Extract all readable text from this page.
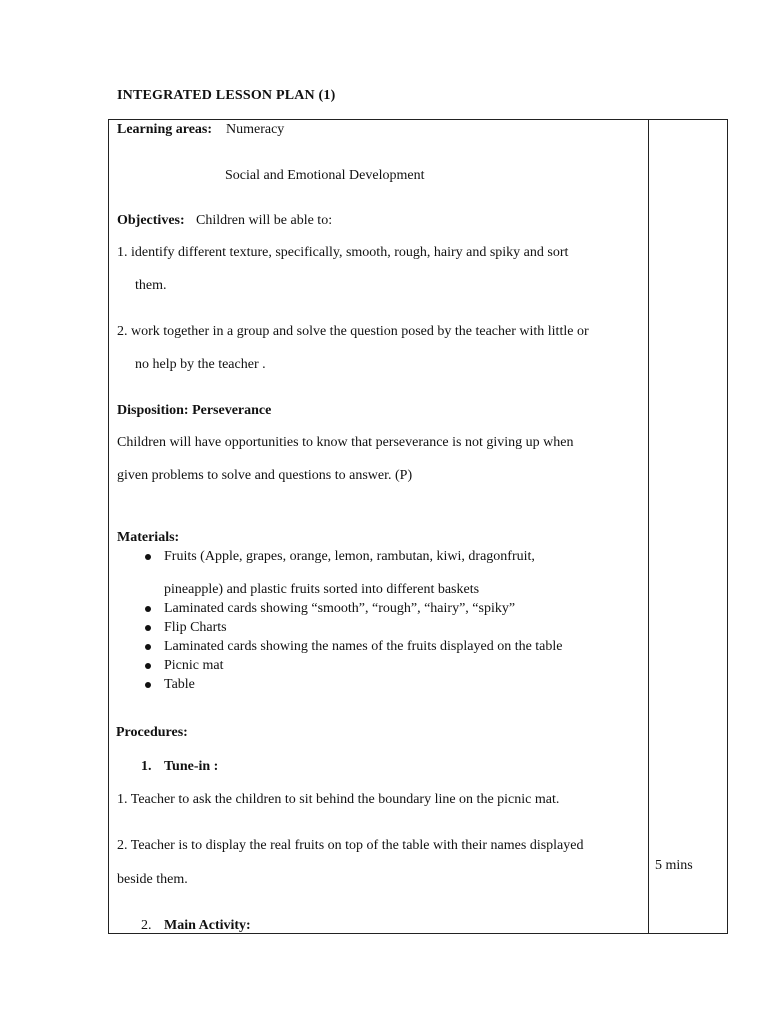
INTEGRATED LESSON PLAN (1)
Learning areas: Numeracy
Social and Emotional Development
Objectives: Children will be able to:
1. identify different texture, specifically, smooth, rough, hairy and spiky and sort
them.
2. work together in a group and solve the question posed by the teacher with little or
no help by the teacher .
Disposition: Perseverance
Children will have opportunities to know that perseverance is not giving up when
given problems to solve and questions to answer. (P)
Materials:
Fruits (Apple, grapes, orange, lemon, rambutan, kiwi, dragonfruit,
pineapple) and plastic fruits sorted into different baskets
Laminated cards showing “smooth”, “rough”, “hairy”, “spiky”
Flip Charts
Laminated cards showing the names of the fruits displayed on the table
Picnic mat
Table
Procedures:
1. Tune-in :
1. Teacher to ask the children to sit behind the boundary line on the picnic mat.
2. Teacher is to display the real fruits on top of the table with their names displayed
beside them.
2. Main Activity:
5 mins
